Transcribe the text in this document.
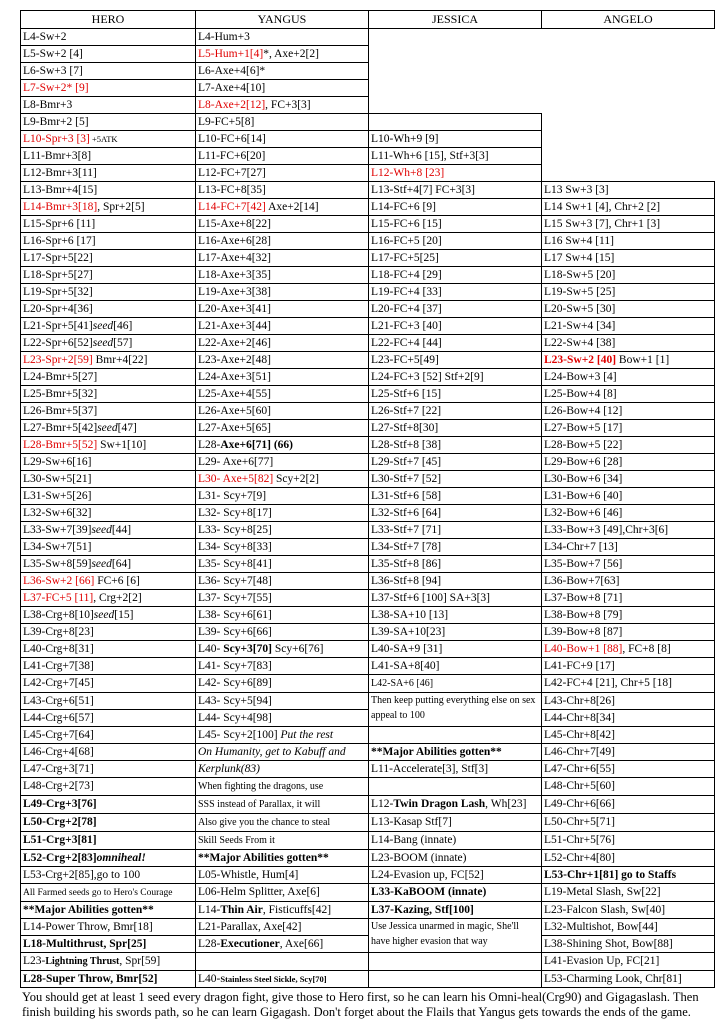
HERO	YANGUS	JESSICA	ANGELO
L4-Sw+2	L4-Hum+3		
L5-Sw+2 [4]	L5-Hum+1[4]*, Axe+2[2]		
L6-Sw+3 [7]	L6-Axe+4[6]*		
L7-Sw+2* [9]	L7-Axe+4[10]		
L8-Bmr+3	L8-Axe+2[12], FC+3[3]		
L9-Bmr+2 [5]	L9-FC+5[8]		
L10-Spr+3 [3] +5ATK	L10-FC+6[14]	L10-Wh+9 [9]	
L11-Bmr+3[8]	L11-FC+6[20]	L11-Wh+6 [15], Stf+3[3]	
L12-Bmr+3[11]	L12-FC+7[27]	L12-Wh+8 [23]	
L13-Bmr+4[15]	L13-FC+8[35]	L13-Stf+4[7] FC+3[3]	L13 Sw+3 [3]
L14-Bmr+3[18], Spr+2[5]	L14-FC+7[42] Axe+2[14]	L14-FC+6 [9]	L14 Sw+1 [4], Chr+2 [2]
L15-Spr+6 [11]	L15-Axe+8[22]	L15-FC+6 [15]	L15 Sw+3 [7], Chr+1 [3]
L16-Spr+6 [17]	L16-Axe+6[28]	L16-FC+5 [20]	L16 Sw+4 [11]
L17-Spr+5[22]	L17-Axe+4[32]	L17-FC+5[25]	L17 Sw+4 [15]
L18-Spr+5[27]	L18-Axe+3[35]	L18-FC+4 [29]	L18-Sw+5 [20]
L19-Spr+5[32]	L19-Axe+3[38]	L19-FC+4 [33]	L19-Sw+5 [25]
L20-Spr+4[36]	L20-Axe+3[41]	L20-FC+4 [37]	L20-Sw+5 [30]
L21-Spr+5[41]seed[46]	L21-Axe+3[44]	L21-FC+3 [40]	L21-Sw+4 [34]
L22-Spr+6[52]seed[57]	L22-Axe+2[46]	L22-FC+4 [44]	L22-Sw+4 [38]
L23-Spr+2[59] Bmr+4[22]	L23-Axe+2[48]	L23-FC+5[49]	L23-Sw+2 [40] Bow+1 [1]
L24-Bmr+5[27]	L24-Axe+3[51]	L24-FC+3 [52] Stf+2[9]	L24-Bow+3 [4]
L25-Bmr+5[32]	L25-Axe+4[55]	L25-Stf+6 [15]	L25-Bow+4 [8]
L26-Bmr+5[37]	L26-Axe+5[60]	L26-Stf+7 [22]	L26-Bow+4 [12]
L27-Bmr+5[42]seed[47]	L27-Axe+5[65]	L27-Stf+8[30]	L27-Bow+5 [17]
L28-Bmr+5[52] Sw+1[10]	L28-Axe+6[71] (66)	L28-Stf+8 [38]	L28-Bow+5 [22]
L29-Sw+6[16]	L29- Axe+6[77]	L29-Stf+7 [45]	L29-Bow+6 [28]
L30-Sw+5[21]	L30- Axe+5[82] Scy+2[2]	L30-Stf+7 [52]	L30-Bow+6 [34]
L31-Sw+5[26]	L31- Scy+7[9]	L31-Stf+6 [58]	L31-Bow+6 [40]
L32-Sw+6[32]	L32- Scy+8[17]	L32-Stf+6 [64]	L32-Bow+6 [46]
L33-Sw+7[39]seed[44]	L33- Scy+8[25]	L33-Stf+7 [71]	L33-Bow+3 [49],Chr+3[6]
L34-Sw+7[51]	L34- Scy+8[33]	L34-Stf+7 [78]	L34-Chr+7 [13]
L35-Sw+8[59]seed[64]	L35- Scy+8[41]	L35-Stf+8 [86]	L35-Bow+7 [56]
L36-Sw+2 [66] FC+6 [6]	L36- Scy+7[48]	L36-Stf+8 [94]	L36-Bow+7[63]
L37-FC+5 [11], Crg+2[2]	L37- Scy+7[55]	L37-Stf+6 [100] SA+3[3]	L37-Bow+8 [71]
L38-Crg+8[10]seed[15]	L38- Scy+6[61]	L38-SA+10 [13]	L38-Bow+8 [79]
L39-Crg+8[23]	L39- Scy+6[66]	L39-SA+10[23]	L39-Bow+8 [87]
L40-Crg+8[31]	L40- Scy+3[70] Scy+6[76]	L40-SA+9 [31]	L40-Bow+1 [88], FC+8 [8]
L41-Crg+7[38]	L41- Scy+7[83]	L41-SA+8[40]	L41-FC+9 [17]
L42-Crg+7[45]	L42- Scy+6[89]	L42-SA+6 [46]	L42-FC+4 [21], Chr+5 [18]
L43-Crg+6[51]	L43- Scy+5[94]	Then keep putting everything else on sex appeal to 100	L43-Chr+8[26]
L44-Crg+6[57]	L44- Scy+4[98]		L44-Chr+8[34]
L45-Crg+7[64]	L45- Scy+2[100] Put the rest		L45-Chr+8[42]
L46-Crg+4[68]	On Humanity, get to Kabuff and	**Major Abilities gotten**	L46-Chr+7[49]
L47-Crg+3[71]	Kerplunk(83)	L11-Accelerate[3], Stf[3]	L47-Chr+6[55]
L48-Crg+2[73]	When fighting the dragons, use		L48-Chr+5[60]
L49-Crg+3[76]	SSS instead of Parallax, it will	L12-Twin Dragon Lash, Wh[23]	L49-Chr+6[66]
L50-Crg+2[78]	Also give you the chance to steal	L13-Kasap Stf[7]	L50-Chr+5[71]
L51-Crg+3[81]	Skill Seeds From it	L14-Bang (innate)	L51-Chr+5[76]
L52-Crg+2[83]omniheal!	**Major Abilities gotten**	L23-BOOM (innate)	L52-Chr+4[80]
L53-Crg+2[85],go to 100	L05-Whistle, Hum[4]	L24-Evasion up, FC[52]	L53-Chr+1[81] go to Staffs
All Farmed seeds go to Hero's Courage	L06-Helm Splitter, Axe[6]	L33-KaBOOM (innate)	L19-Metal Slash, Sw[22]
**Major Abilities gotten**	L14-Thin Air, Fisticuffs[42]	L37-Kazing, Stf[100]	L23-Falcon Slash, Sw[40]
L14-Power Throw, Bmr[18]	L21-Parallax, Axe[42]	Use Jessica unarmed in magic, She'll have higher evasion that way	L32-Multishot, Bow[44]
L18-Multithrust, Spr[25]	L28-Executioner, Axe[66]		L38-Shining Shot, Bow[88]
L23-Lightning Thrust, Spr[59]			L41-Evasion Up, FC[21]
L28-Super Throw, Bmr[52]	L40-Stainless Steel Sickle, Scy[70]		L53-Charming Look, Chr[81]
You should get at least 1 seed every dragon fight, give those to Hero first, so he can learn his Omni-heal(Crg90) and Gigagaslash. Then finish building his swords path, so he can learn Gigagash. Don't forget about the Flails that Yangus gets towards the ends of the game.
